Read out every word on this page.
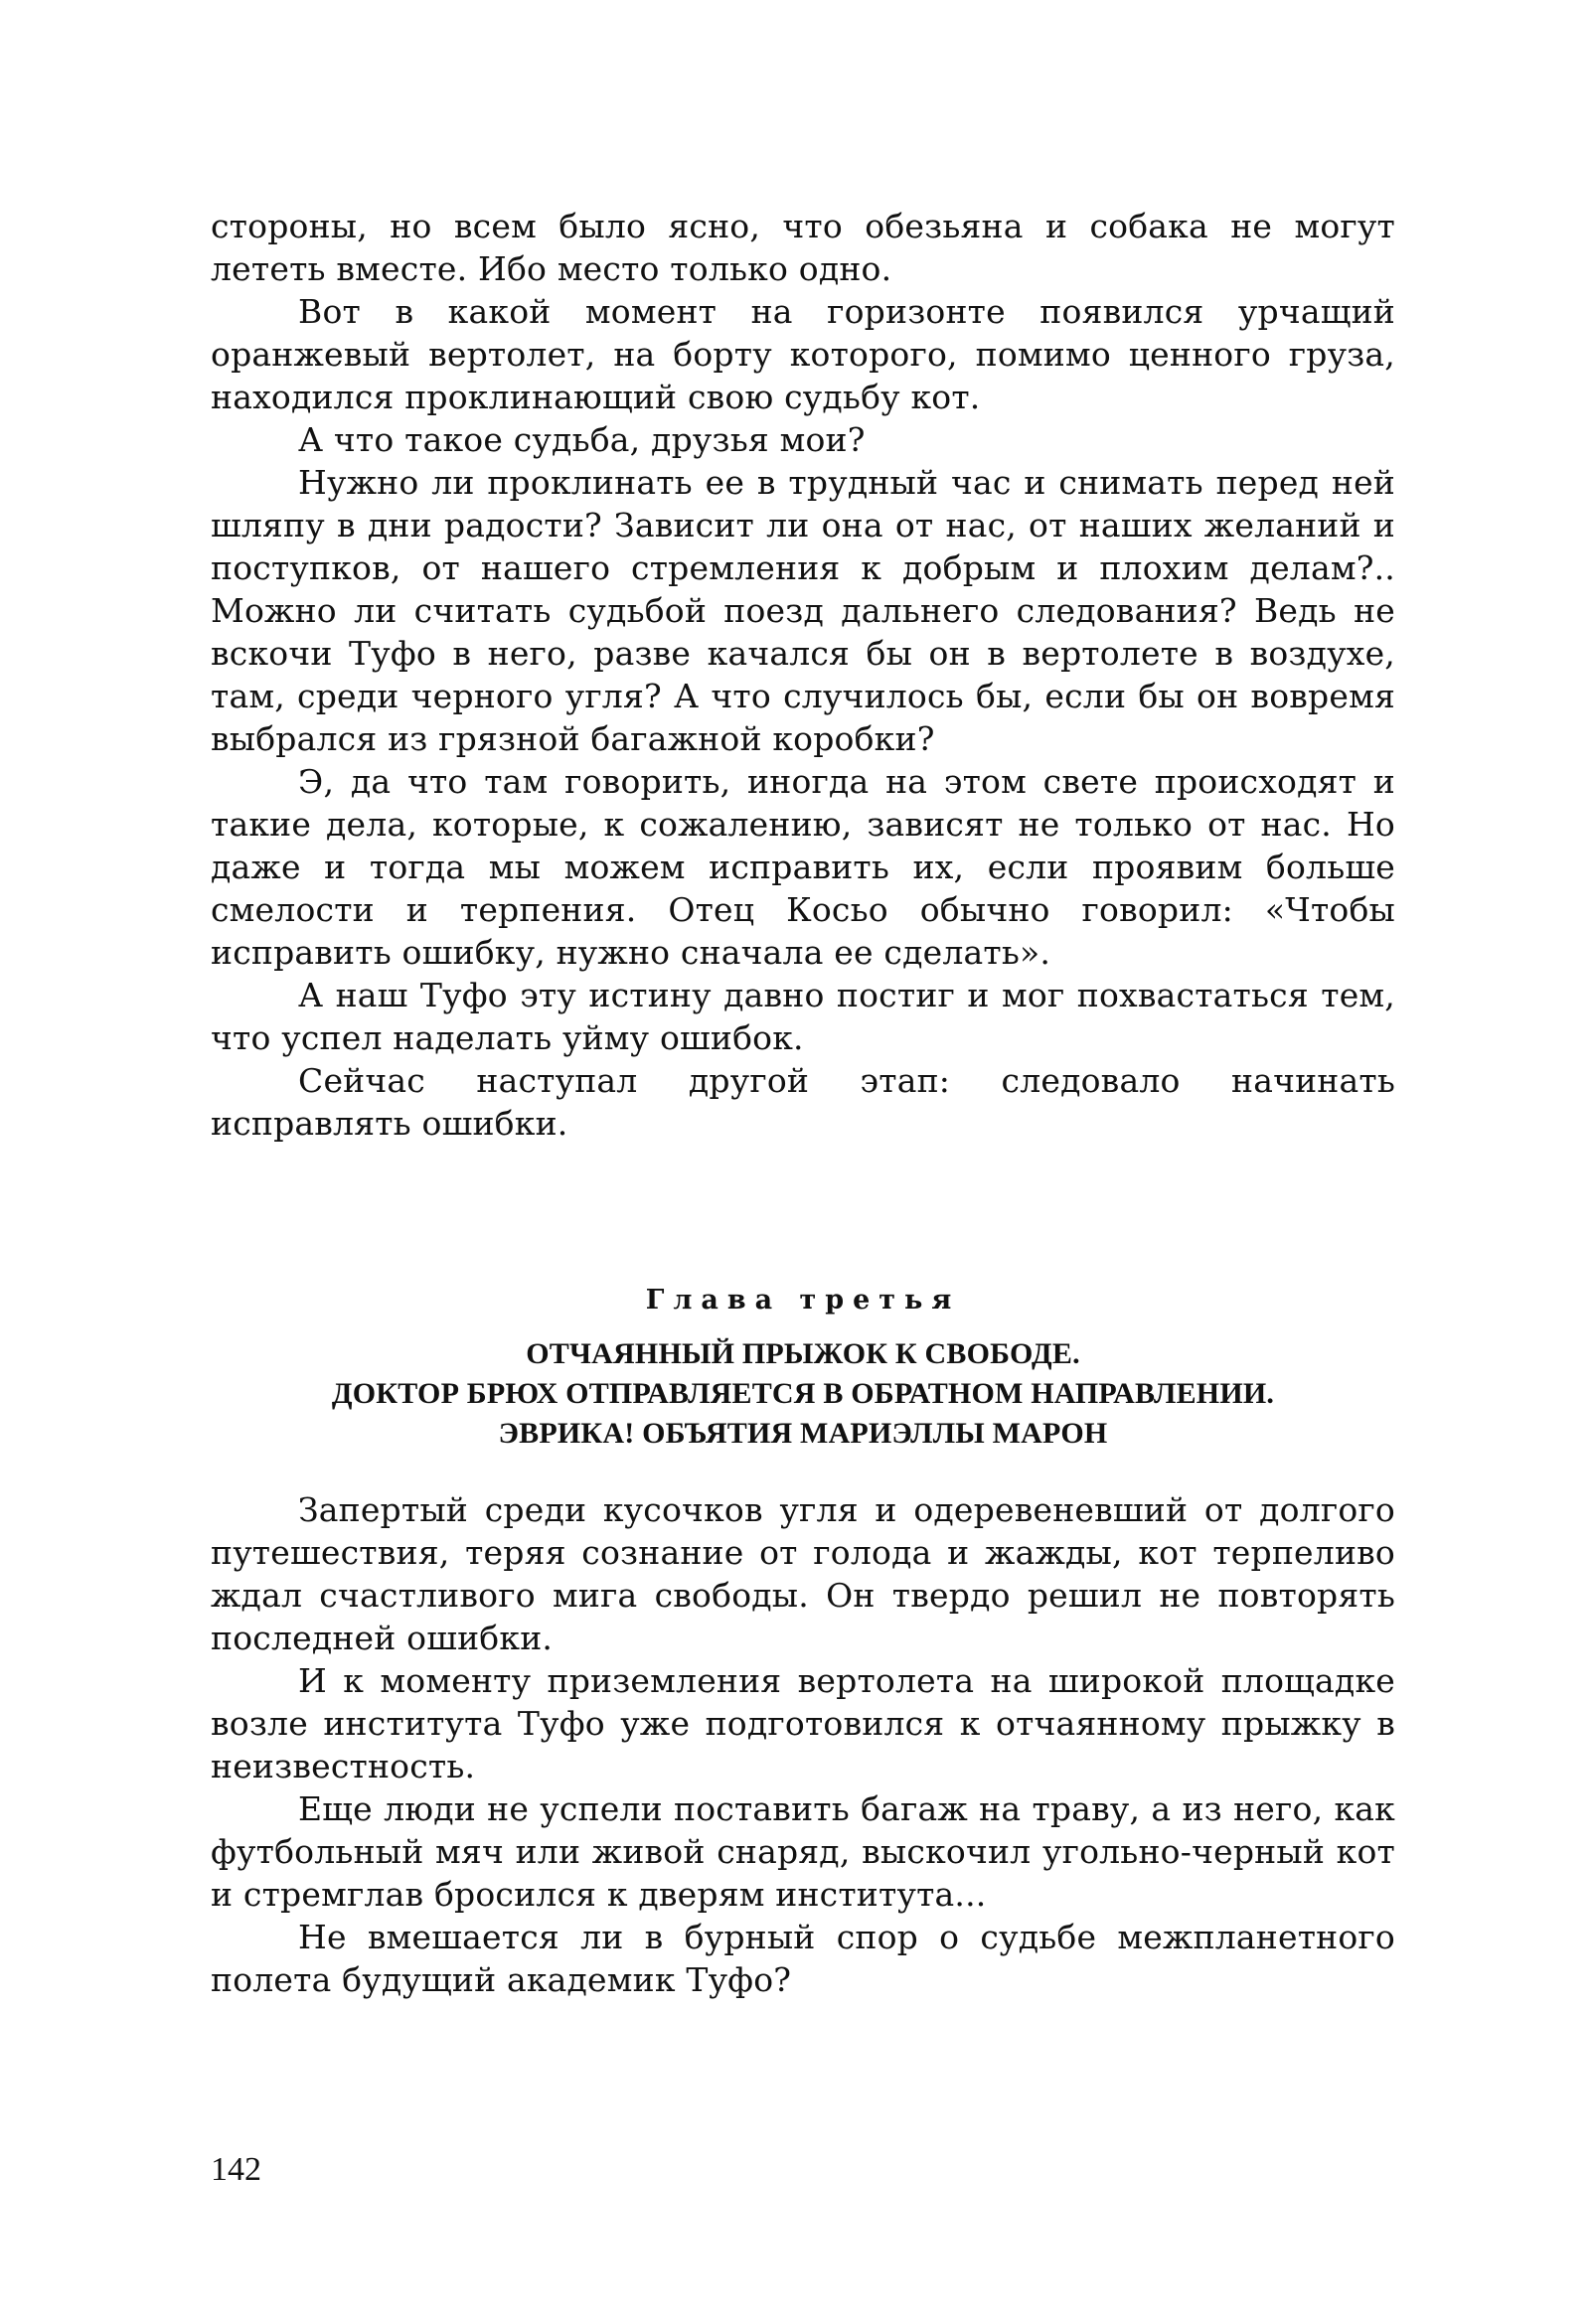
стороны, но всем было ясно, что обезьяна и собака не могут лететь вместе. Ибо место только одно.

Вот в какой момент на горизонте появился урчащий оранжевый вертолет, на борту которого, помимо ценного груза, находился проклинающий свою судьбу кот.

А что такое судьба, друзья мои?

Нужно ли проклинать ее в трудный час и снимать перед ней шляпу в дни радости? Зависит ли она от нас, от наших желаний и поступков, от нашего стремления к добрым и плохим делам?.. Можно ли считать судьбой поезд дальнего следования? Ведь не вскочи Туфо в него, разве качался бы он в вертолете в воздухе, там, среди черного угля? А что случилось бы, если бы он вовремя выбрался из грязной багажной коробки?

Э, да что там говорить, иногда на этом свете происходят и такие дела, которые, к сожалению, зависят не только от нас. Но даже и тогда мы можем исправить их, если проявим больше смелости и терпения. Отец Косьо обычно говорил: «Чтобы исправить ошибку, нужно сначала ее сделать».

А наш Туфо эту истину давно постиг и мог похвастаться тем, что успел наделать уйму ошибок.

Сейчас наступал другой этап: следовало начинать исправлять ошибки.

Глава третья
ОТЧАЯННЫЙ ПРЫЖОК К СВОБОДЕ.
ДОКТОР БРЮХ ОТПРАВЛЯЕТСЯ В ОБРАТНОМ НАПРАВЛЕНИИ.
ЭВРИКА! ОБЪЯТИЯ МАРИЭЛЛЫ МАРОН

Запертый среди кусочков угля и одеревеневший от долгого путешествия, теряя сознание от голода и жажды, кот терпеливо ждал счастливого мига свободы. Он твердо решил не повторять последней ошибки.

И к моменту приземления вертолета на широкой площадке возле института Туфо уже подготовился к отчаянному прыжку в неизвестность.

Еще люди не успели поставить багаж на траву, а из него, как футбольный мяч или живой снаряд, выскочил угольно-черный кот и стремглав бросился к дверям института...

Не вмешается ли в бурный спор о судьбе межпланетного полета будущий академик Туфо?

142
